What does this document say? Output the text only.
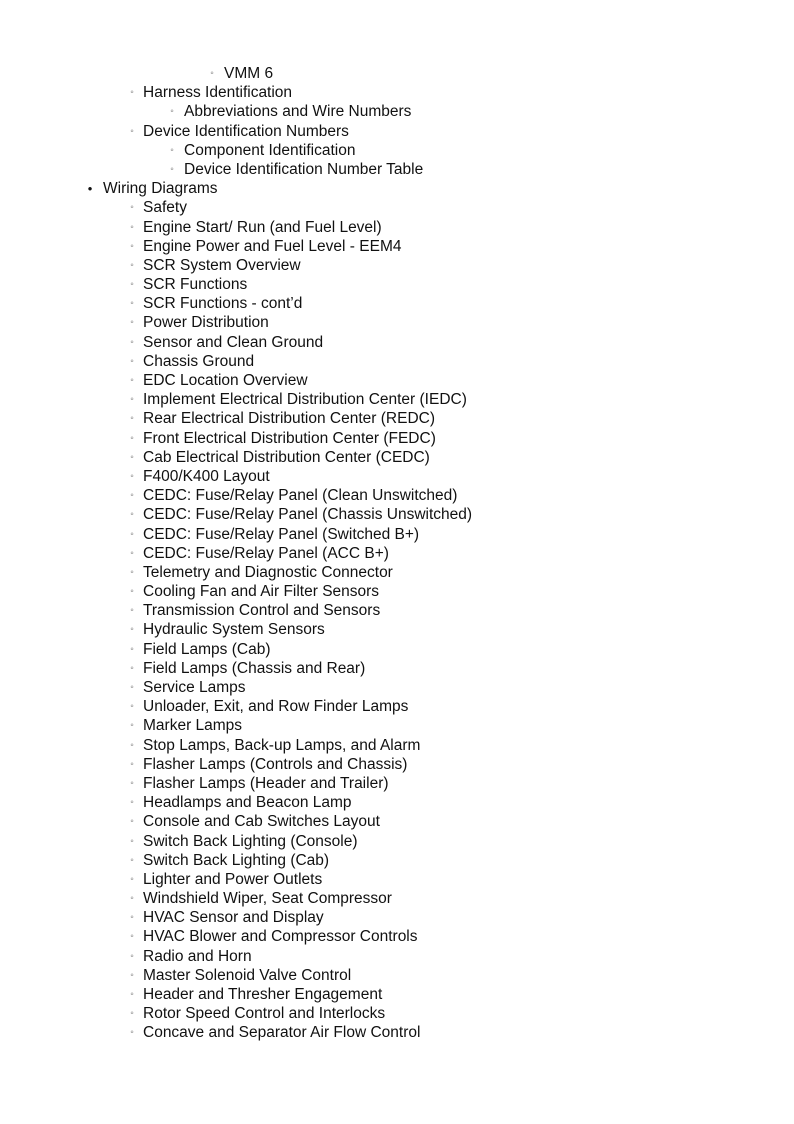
◦ VMM 6
◦ Harness Identification
◦ Abbreviations and Wire Numbers
◦ Device Identification Numbers
◦ Component Identification
◦ Device Identification Number Table
• Wiring Diagrams
◦ Safety
◦ Engine Start/ Run (and Fuel Level)
◦ Engine Power and Fuel Level - EEM4
◦ SCR System Overview
◦ SCR Functions
◦ SCR Functions - cont’d
◦ Power Distribution
◦ Sensor and Clean Ground
◦ Chassis Ground
◦ EDC Location Overview
◦ Implement Electrical Distribution Center (IEDC)
◦ Rear Electrical Distribution Center (REDC)
◦ Front Electrical Distribution Center (FEDC)
◦ Cab Electrical Distribution Center (CEDC)
◦ F400/K400 Layout
◦ CEDC: Fuse/Relay Panel (Clean Unswitched)
◦ CEDC: Fuse/Relay Panel (Chassis Unswitched)
◦ CEDC: Fuse/Relay Panel (Switched B+)
◦ CEDC: Fuse/Relay Panel (ACC B+)
◦ Telemetry and Diagnostic Connector
◦ Cooling Fan and Air Filter Sensors
◦ Transmission Control and Sensors
◦ Hydraulic System Sensors
◦ Field Lamps (Cab)
◦ Field Lamps (Chassis and Rear)
◦ Service Lamps
◦ Unloader, Exit, and Row Finder Lamps
◦ Marker Lamps
◦ Stop Lamps, Back-up Lamps, and Alarm
◦ Flasher Lamps (Controls and Chassis)
◦ Flasher Lamps (Header and Trailer)
◦ Headlamps and Beacon Lamp
◦ Console and Cab Switches Layout
◦ Switch Back Lighting (Console)
◦ Switch Back Lighting (Cab)
◦ Lighter and Power Outlets
◦ Windshield Wiper, Seat Compressor
◦ HVAC Sensor and Display
◦ HVAC Blower and Compressor Controls
◦ Radio and Horn
◦ Master Solenoid Valve Control
◦ Header and Thresher Engagement
◦ Rotor Speed Control and Interlocks
◦ Concave and Separator Air Flow Control
